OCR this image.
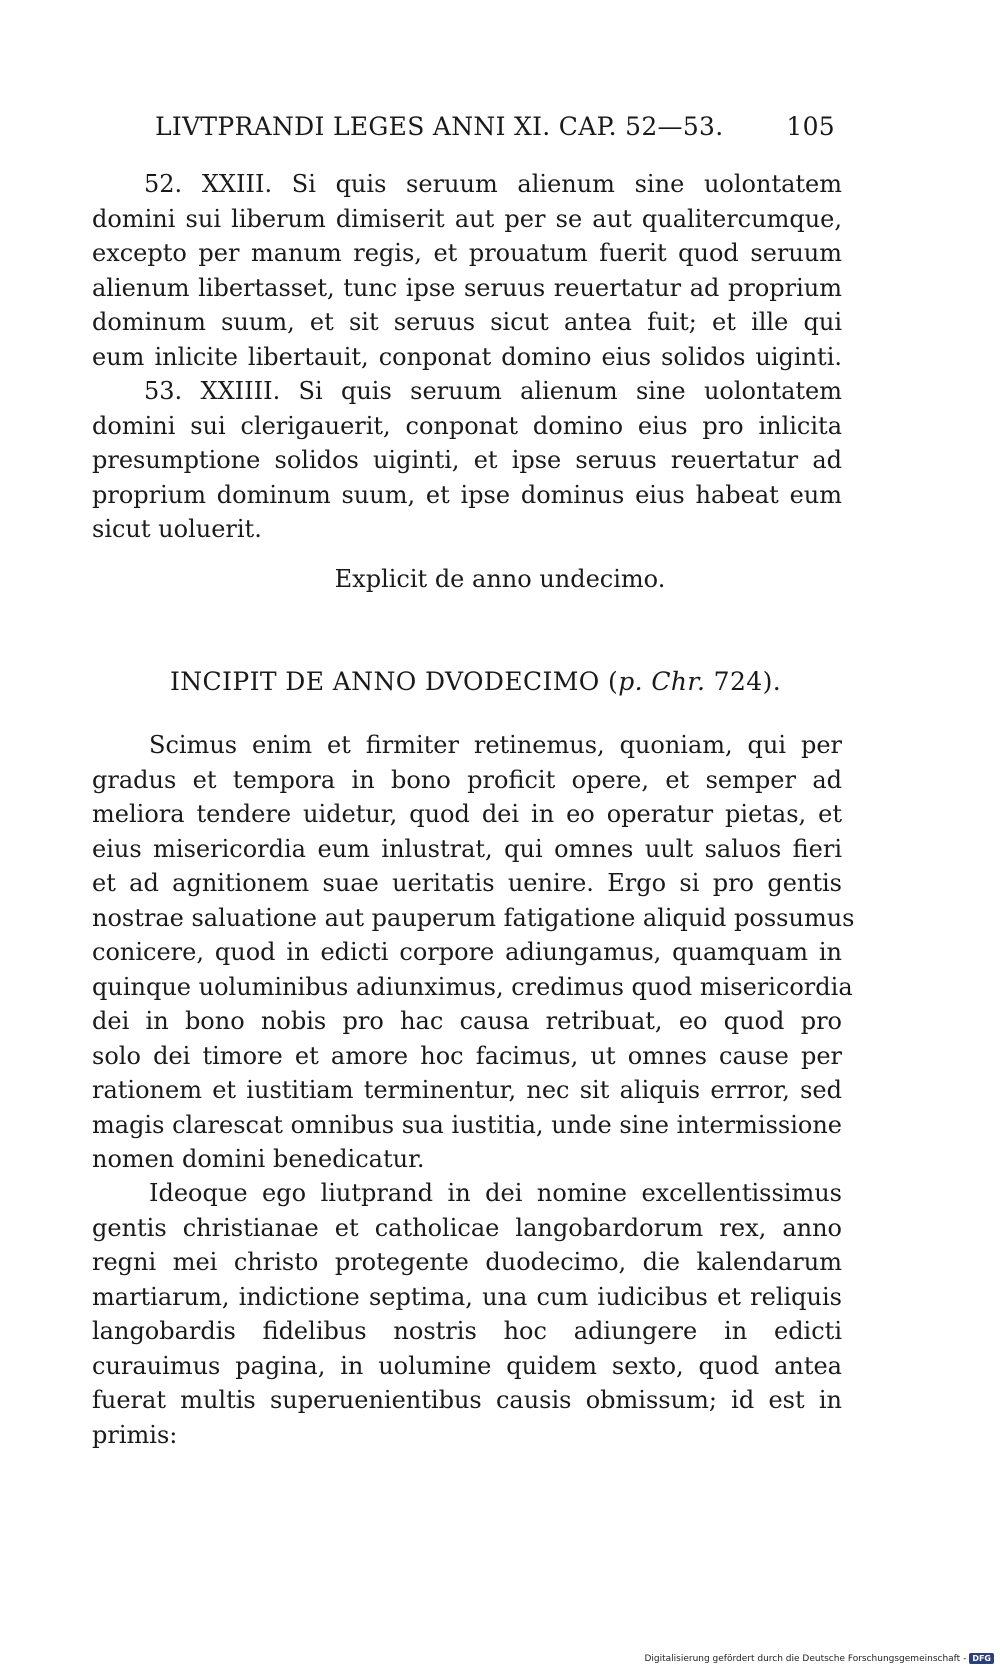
LIVTPRANDI LEGES ANNI XI. CAP. 52—53.	105
52. XXIII. Si quis seruum alienum sine uolontatem
domini sui liberum dimiserit aut per se aut qualitercumque,
excepto per manum regis, et prouatum fuerit quod seruum
alienum libertasset, tunc ipse seruus reuertatur ad proprium
dominum suum, et sit seruus sicut antea fuit; et ille qui
eum inlicite libertauit, conponat domino eius solidos uiginti.
53. XXIIII. Si quis seruum alienum sine uolontatem
domini sui clerigauerit, conponat domino eius pro inlicita
presumptione solidos uiginti, et ipse seruus reuertatur ad
proprium dominum suum, et ipse dominus eius habeat eum
sicut uoluerit.
Explicit de anno undecimo.
INCIPIT DE ANNO DVODECIMO (p. Chr. 724).
Scimus enim et firmiter retinemus, quoniam, qui per
gradus et tempora in bono proficit opere, et semper ad
meliora tendere uidetur, quod dei in eo operatur pietas, et
eius misericordia eum inlustrat, qui omnes uult saluos fieri
et ad agnitionem suae ueritatis uenire. Ergo si pro gentis
nostrae saluatione aut pauperum fatigatione aliquid possumus
conicere, quod in edicti corpore adiungamus, quamquam in
quinque uoluminibus adiunximus, credimus quod misericordia
dei in bono nobis pro hac causa retribuat, eo quod pro
solo dei timore et amore hoc facimus, ut omnes cause per
rationem et iustitiam terminentur, nec sit aliquis errror, sed
magis clarescat omnibus sua iustitia, unde sine intermissione
nomen domini benedicatur.
Ideoque ego liutprand in dei nomine excellentissimus
gentis christianae et catholicae langobardorum rex, anno
regni mei christo protegente duodecimo, die kalendarum
martiarum, indictione septima, una cum iudicibus et reliquis
langobardis fidelibus nostris hoc adiungere in edicti
curauimus pagina, in uolumine quidem sexto, quod antea
fuerat multis superuenientibus causis obmissum; id est in
primis:
Digitalisierung gefördert durch die Deutsche Forschungsgemeinschaft - DFG
